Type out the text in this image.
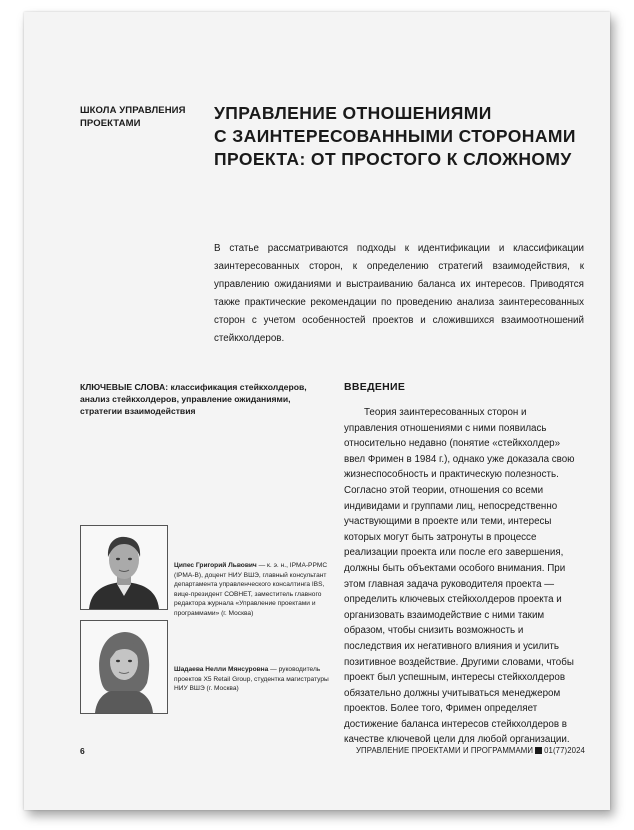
ШКОЛА УПРАВЛЕНИЯ ПРОЕКТАМИ
УПРАВЛЕНИЕ ОТНОШЕНИЯМИ
С ЗАИНТЕРЕСОВАННЫМИ СТОРОНАМИ
ПРОЕКТА: ОТ ПРОСТОГО К СЛОЖНОМУ
В статье рассматриваются подходы к идентификации и классификации заинтересованных сторон, к определению стратегий взаимодействия, к управлению ожиданиями и выстраиванию баланса их интересов. Приводятся также практические рекомендации по проведению анализа заинтересованных сторон с учетом особенностей проектов и сложившихся взаимоотношений стейкхолдеров.
КЛЮЧЕВЫЕ СЛОВА: классификация стейкхолдеров, анализ стейкхолдеров, управление ожиданиями, стратегии взаимодействия
ВВЕДЕНИЕ

Теория заинтересованных сторон и управления отношениями с ними появилась относительно недавно (понятие «стейкхолдер» ввел Фримен в 1984 г.), однако уже доказала свою жизнеспособность и практическую полезность. Согласно этой теории, отношения со всеми индивидами и группами лиц, непосредственно участвующими в проекте или теми, интересы которых могут быть затронуты в процессе реализации проекта или после его завершения, должны быть объектами особого внимания. При этом главная задача руководителя проекта — определить ключевых стейкхолдеров проекта и организовать взаимодействие с ними таким образом, чтобы снизить возможность и последствия их негативного влияния и усилить позитивное воздействие. Другими словами, чтобы проект был успешным, интересы стейкхолдеров обязательно должны учитываться менеджером проектов. Более того, Фримен определяет достижение баланса интересов стейкхолдеров в качестве ключевой цели для любой организации.

Ципес Григорий Львович — к. э. н., IPMA-PPMC (IPMA-B), доцент НИУ ВШЭ, главный консультант департамента управленческого консалтинга IBS, вице-президент СОВНЕТ, заместитель главного редактора журнала «Управление проектами и программами» (г. Москва)
Шадаева Нелли Мянсуровна — руководитель проектов X5 Retail Group, студентка магистратуры НИУ ВШЭ (г. Москва)
6	УПРАВЛЕНИЕ ПРОЕКТАМИ И ПРОГРАММАМИ 01(77)2024
